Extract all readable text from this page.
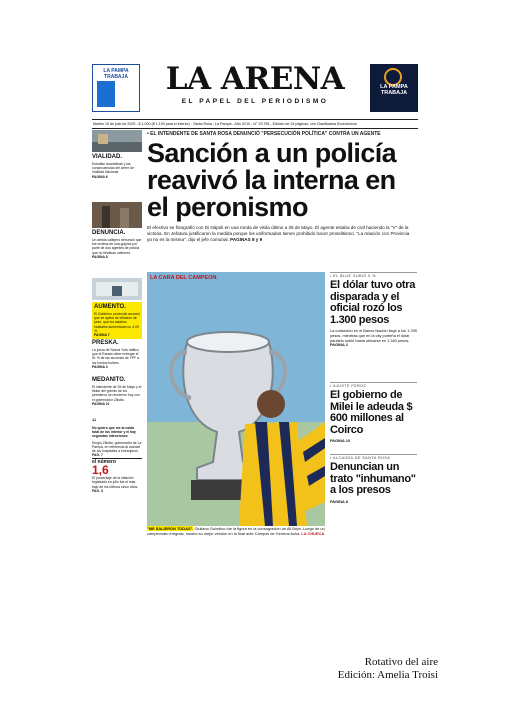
LA PAMPA TRABAJA	LA ARENA
EL PAPEL DEL PERIODISMO
LA PAMPA TRABAJA
Martes 15 de julio de 2025 - $ 1.000 ($ 1.100 para el interior) - Santa Rosa - La Pampa - Año XCIX - N° 29.795 - Edición de 24 páginas, con Clasificados Económicos
VIALIDAD.
Estudian Asambleas y las consecuencias del cierre de Vialidad Nacional.
PAGINA 6
DENUNCIA.
Un artista callejero denunció que fue víctima de una golpiza por parte de dos agentes de policía que no llevaban uniforme.
PAGINA 8
AUMENTO.
El Gobierno provincial anunció que se aplica de inflación de junio, que los salarios estatales aumentarán un 4,09 %.
PAGINA 7
PRESKA.
La jueza de Nueva York ratificó que el Estado debe entregar el 51 % de las acciones de YPF a los fondos buitres.
PAGINA 3
MEDANITO.
El intendente de 25 de Mayo y el titular del gremio de los petroleros se reunieron hoy con el gobernador Ziliotto.
PAGINA 21
“
No quiero que me la caída total de los interior y el hay segundas intenciones
Sergio Ziliotto, gobernador de La Pampa, en referencia al arancel de los hospitales a extranjeros.
PAG. 7
el número
1,6
El porcentaje de la inflación registrado en julio fue el más bajo de los últimos cinco años.
PAG. 3
• EL INTENDENTE DE SANTA ROSA DENUNCIÓ "PERSECUCIÓN POLÍTICA" CONTRA UN AGENTE
Sanción a un policía reavivó la interna en el peronismo
El efectivo se fotografió con Di Nápoli en una ronda de visita último a 25 de Mayo. El agente estaba de civil haciendo la "V" de la victoria. En Jefatura justificaron la medida porque los uniformados tienen prohibido hacer proselitismo. "La relación con Provincia ya no es la misma", dijo el jefe comunal. PAGINAS 8 y 9
LA CARA DEL CAMPEON.
"ME SALIERON TODAS". Giuliano Guindino fue la figura en la consagración de All Boys. Luego de un campeonato irregular, mostró su mejor versión en la final ante Campos de General Acha. LA CHUECA
• EL BLUE SUBIÓ 5 %
El dólar tuvo otra disparada y el oficial rozó los 1.300 pesos
La cotización en el Banco Nación llegó a los 1.295 pesos, mientras que en la city porteña el dólar paralelo subió hasta ubicarse en 1.340 pesos. PAGINA 2
• AJUSTE FEROZ
El gobierno de Milei le adeuda $ 600 millones al Coirco
PAGINA 10
• ALCAIDÍA DE SANTA ROSA
Denuncian un trato "inhumano" a los presos
PAGINA 8
Rotativo del aire
Edición: Amelia Troisi
